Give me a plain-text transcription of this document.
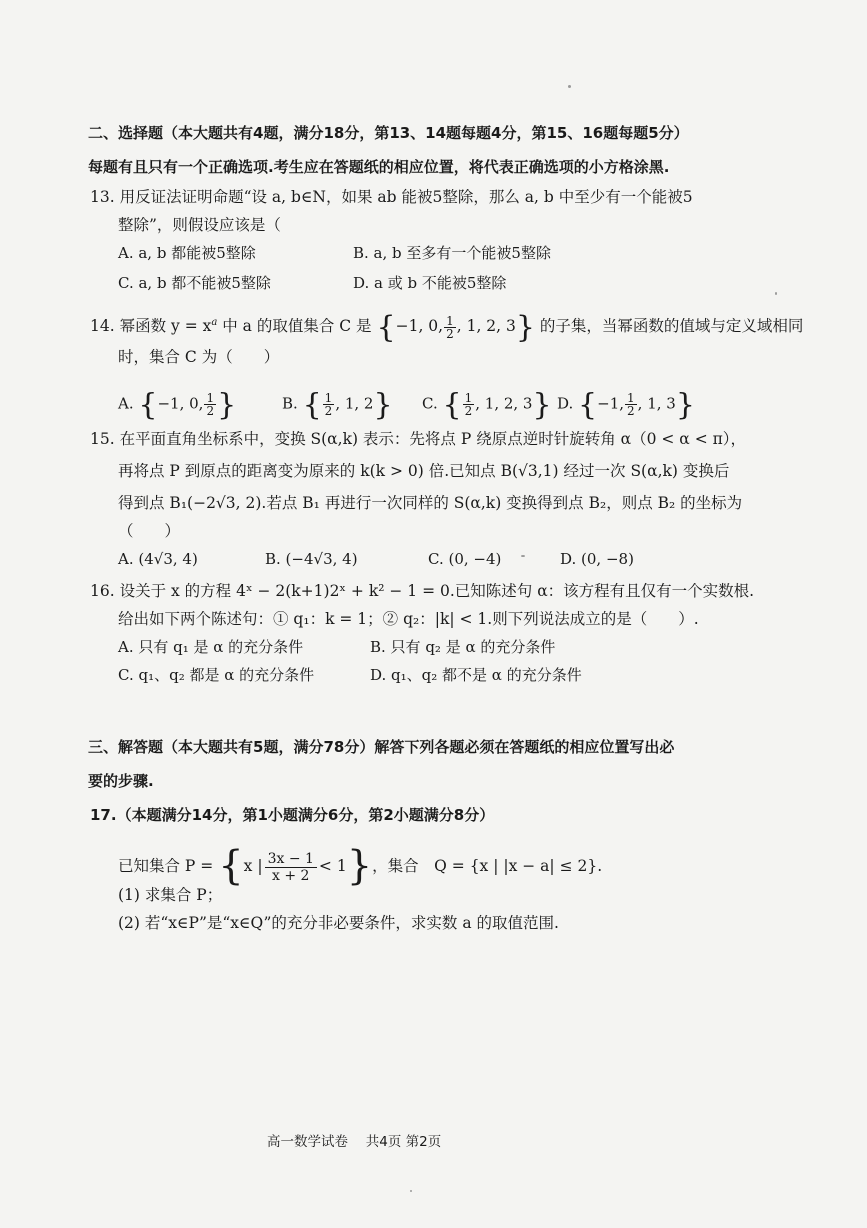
二、选择题（本大题共有4题，满分18分，第13、14题每题4分，第15、16题每题5分）
每题有且只有一个正确选项.考生应在答题纸的相应位置，将代表正确选项的小方格涂黑.
13. 用反证法证明命题“设 a, b∈N，如果 ab 能被5整除，那么 a, b 中至少有一个能被5
整除”，则假设应该是（
A. a, b 都能被5整除	B. a, b 至多有一个能被5整除
C. a, b 都不能被5整除	D. a 或 b 不能被5整除
14. 幂函数 $y = x^a$ 中 a 的取值集合 C 是 {−1, 0, $\frac{1}{2}$ , 1, 2, 3} 的子集，当幂函数的值域与定义域相同
时，集合 C 为（　　）
A. {−1, 0, $\frac{1}{2}$ }	B. { $\frac{1}{2}$ , 1, 2} C. { $\frac{1}{2}$ , 1, 2, 3} D. {−1, $\frac{1}{2}$ , 1, 3}
15. 在平面直角坐标系中，变换 S(α,k) 表示：先将点 P 绕原点逆时针旋转角 α（0 < α < π），
再将点 P 到原点的距离变为原来的 k(k > 0) 倍.已知点 B(√3,1) 经过一次 S(α,k) 变换后
得到点 B₁(−2√3, 2).若点 B₁ 再进行一次同样的 S(α,k) 变换得到点 B₂，则点 B₂ 的坐标为
（　　）
A. (4√3, 4)	B. (−4√3, 4)	C. (0, −4)	D. (0, −8)
16. 设关于 x 的方程 4ˣ − 2(k+1)2ˣ + k² − 1 = 0.已知陈述句 α：该方程有且仅有一个实数根.
给出如下两个陈述句：① q₁：k = 1；② q₂：|k| < 1.则下列说法成立的是（　　）.
A. 只有 q₁ 是 α 的充分条件	B. 只有 q₂ 是 α 的充分条件
C. q₁、q₂ 都是 α 的充分条件	D. q₁、q₂ 都不是 α 的充分条件
三、解答题（本大题共有5题，满分78分）解答下列各题必须在答题纸的相应位置写出必
要的步骤.
17.（本题满分14分，第1小题满分6分，第2小题满分8分）
已知集合 P = {x | $\frac{3x - 1}{x + 2} < 1$}，集合　Q = {x | |x − a| ≤ 2}.
(1) 求集合 P；
(2) 若“x∈P”是“x∈Q”的充分非必要条件，求实数 a 的取值范围.
高一数学试卷　 共4页 第2页
